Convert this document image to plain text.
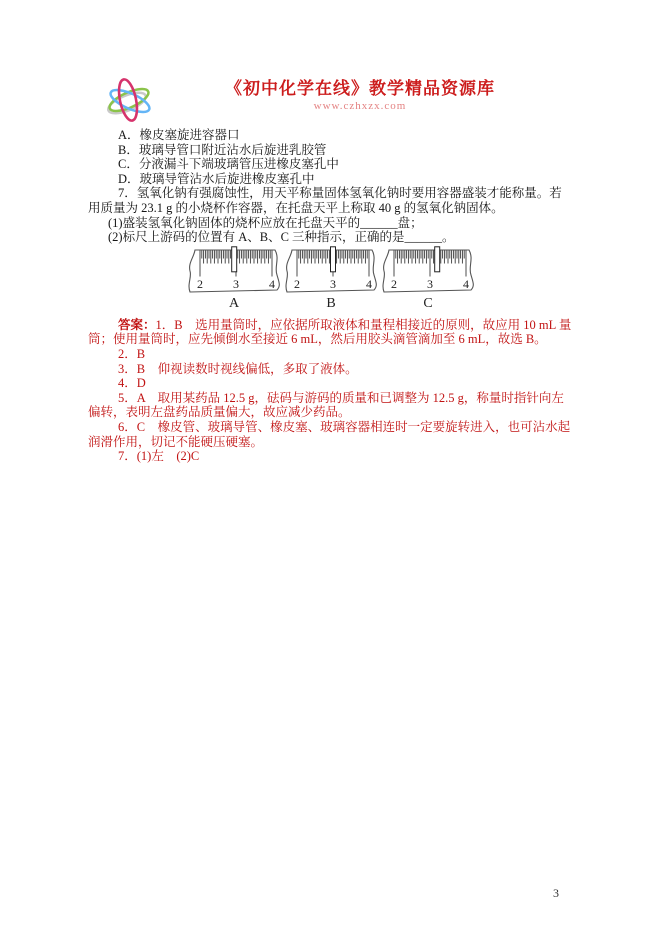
《初中化学在线》教学精品资源库
www.czhxzx.com

A．橡皮塞旋进容器口

B．玻璃导管口附近沾水后旋进乳胶管

C．分液漏斗下端玻璃管压进橡皮塞孔中

D．玻璃导管沾水后旋进橡皮塞孔中

7．氢氧化钠有强腐蚀性，用天平称量固体氢氧化钠时要用容器盛装才能称量。若用质量为 23.1 g 的小烧杯作容器，在托盘天平上称取 40 g 的氢氧化钠固体。

(1)盛装氢氧化钠固体的烧杯应放在托盘天平的______盘；

(2)标尺上游码的位置有 A、B、C 三种指示，正确的是______。

2	3	4
A
2	3	4
B
2	3	4
C

答案：1．B　选用量筒时，应依据所取液体和量程相接近的原则，故应用 10 mL 量筒；使用量筒时，应先倾倒水至接近 6 mL，然后用胶头滴管滴加至 6 mL，故选 B。

2．B

3．B　仰视读数时视线偏低，多取了液体。

4．D

5．A　取用某药品 12.5 g，砝码与游码的质量和已调整为 12.5 g，称量时指针向左偏转，表明左盘药品质量偏大，故应减少药品。

6．C　橡皮管、玻璃导管、橡皮塞、玻璃容器相连时一定要旋转进入，也可沾水起润滑作用，切记不能硬压硬塞。

7．(1)左　(2)C

3
